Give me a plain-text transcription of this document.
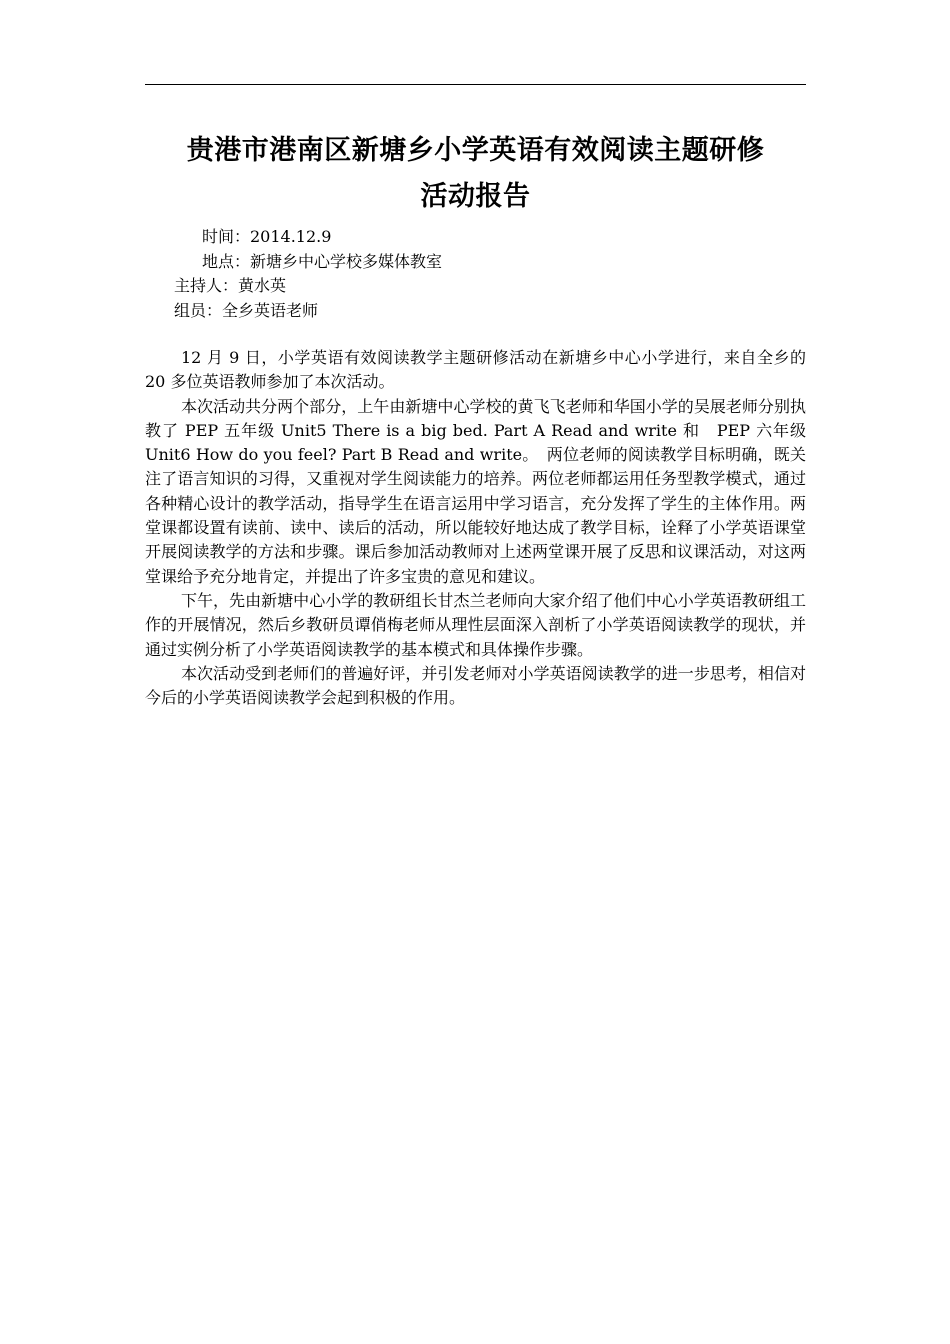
贵港市港南区新塘乡小学英语有效阅读主题研修
活动报告
时间：2014.12.9
地点：新塘乡中心学校多媒体教室
主持人：黄水英
组员：全乡英语老师

12 月 9 日，小学英语有效阅读教学主题研修活动在新塘乡中心小学进行，来自全乡的 20 多位英语教师参加了本次活动。

本次活动共分两个部分，上午由新塘中心学校的黄飞飞老师和华国小学的吴展老师分别执教了 PEP 五年级 Unit5 There is a big bed. Part A Read and write 和　PEP 六年级 Unit6 How do you feel? Part B Read and write。　两位老师的阅读教学目标明确，既关注了语言知识的习得，又重视对学生阅读能力的培养。两位老师都运用任务型教学模式，通过各种精心设计的教学活动，指导学生在语言运用中学习语言，充分发挥了学生的主体作用。两堂课都设置有读前、读中、读后的活动，所以能较好地达成了教学目标，诠释了小学英语课堂开展阅读教学的方法和步骤。课后参加活动教师对上述两堂课开展了反思和议课活动，对这两堂课给予充分地肯定，并提出了许多宝贵的意见和建议。

下午，先由新塘中心小学的教研组长甘杰兰老师向大家介绍了他们中心小学英语教研组工作的开展情况，然后乡教研员谭俏梅老师从理性层面深入剖析了小学英语阅读教学的现状，并通过实例分析了小学英语阅读教学的基本模式和具体操作步骤。

本次活动受到老师们的普遍好评，并引发老师对小学英语阅读教学的进一步思考，相信对今后的小学英语阅读教学会起到积极的作用。
